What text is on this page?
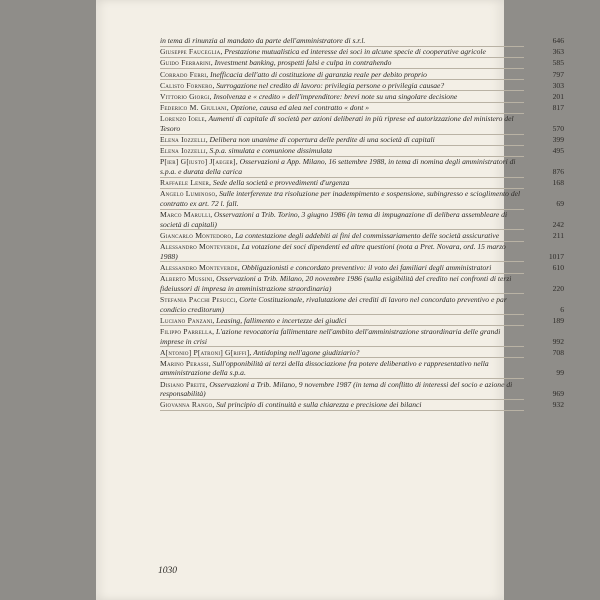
in tema di rinunzia al mandato da parte dell'amministratore di s.r.l.	646
Giuseppe Fauceglia, Prestazione mutualistica ed interesse dei soci in alcune specie di cooperative agricole	363
Guido Ferrarini, Investment banking, prospetti falsi e culpa in contrahendo	585
Corrado Ferri, Inefficacia dell'atto di costituzione di garanzia reale per debito proprio	797
Calisto Fornero, Surrogazione nel credito di lavoro: privilegia persone o privilegia causae?	303
Vittorio Giorgi, Insolvenza e « credito » dell'imprenditore: brevi note su una singolare decisione	201
Federico M. Giuliani, Opzione, causa ed alea nel contratto « dont »	817
Lorenzo Ioele, Aumenti di capitale di società per azioni deliberati in più riprese ed autorizzazione del ministero del Tesoro	570
Elena Iozzelli, Delibera non unanime di copertura delle perdite di una società di capitali	399
Elena Iozzelli, S.p.a. simulata e comunione dissimulata	495
P[ier] G[iusto] J[aeger], Osservazioni a App. Milano, 16 settembre 1988, in tema di nomina degli amministratori di s.p.a. e durata della carica	876
Raffaele Lener, Sede della società e provvedimenti d'urgenza	168
Angelo Luminoso, Sulle interferenze tra risoluzione per inadempimento e sospensione, subingresso e scioglimento del contratto ex art. 72 l. fall.	69
Marco Marulli, Osservazioni a Trib. Torino, 3 giugno 1986 (in tema di impugnazione di delibera assembleare di società di capitali)	242
Giancarlo Montedoro, La contestazione degli addebiti ai fini del commissariamento delle società assicurative	211
Alessandro Monteverde, La votazione dei soci dipendenti ed altre questioni (nota a Pret. Novara, ord. 15 marzo 1988)	1017
Alessandro Monteverde, Obbligazionisti e concordato preventivo: il voto dei familiari degli amministratori	610
Alberto Mussini, Osservazioni a Trib. Milano, 20 novembre 1986 (sulla esigibilità del credito nei confronti di terzi fideiussori di impresa in amministrazione straordinaria)	220
Stefania Pacchi Pesucci, Corte Costituzionale, rivalutazione dei crediti di lavoro nel concordato preventivo e par condicio creditorum)	6
Luciano Panzani, Leasing, fallimento e incertezze dei giudici	189
Filippo Parrella, L'azione revocatoria fallimentare nell'ambito dell'amministrazione straordinaria delle grandi imprese in crisi	992
A[ntonio] P[atroni] G[riffi], Antidoping nell'agone giudiziario?	708
Marino Perassi, Sull'opponibilità ai terzi della dissociazione fra potere deliberativo e rappresentativo nella amministrazione della s.p.a.	99
Disiano Preite, Osservazioni a Trib. Milano, 9 novembre 1987 (in tema di conflitto di interessi del socio e azione di responsabilità)	969
Giovanna Rango, Sul principio di continuità e sulla chiarezza e precisione dei bilanci	932
1030
